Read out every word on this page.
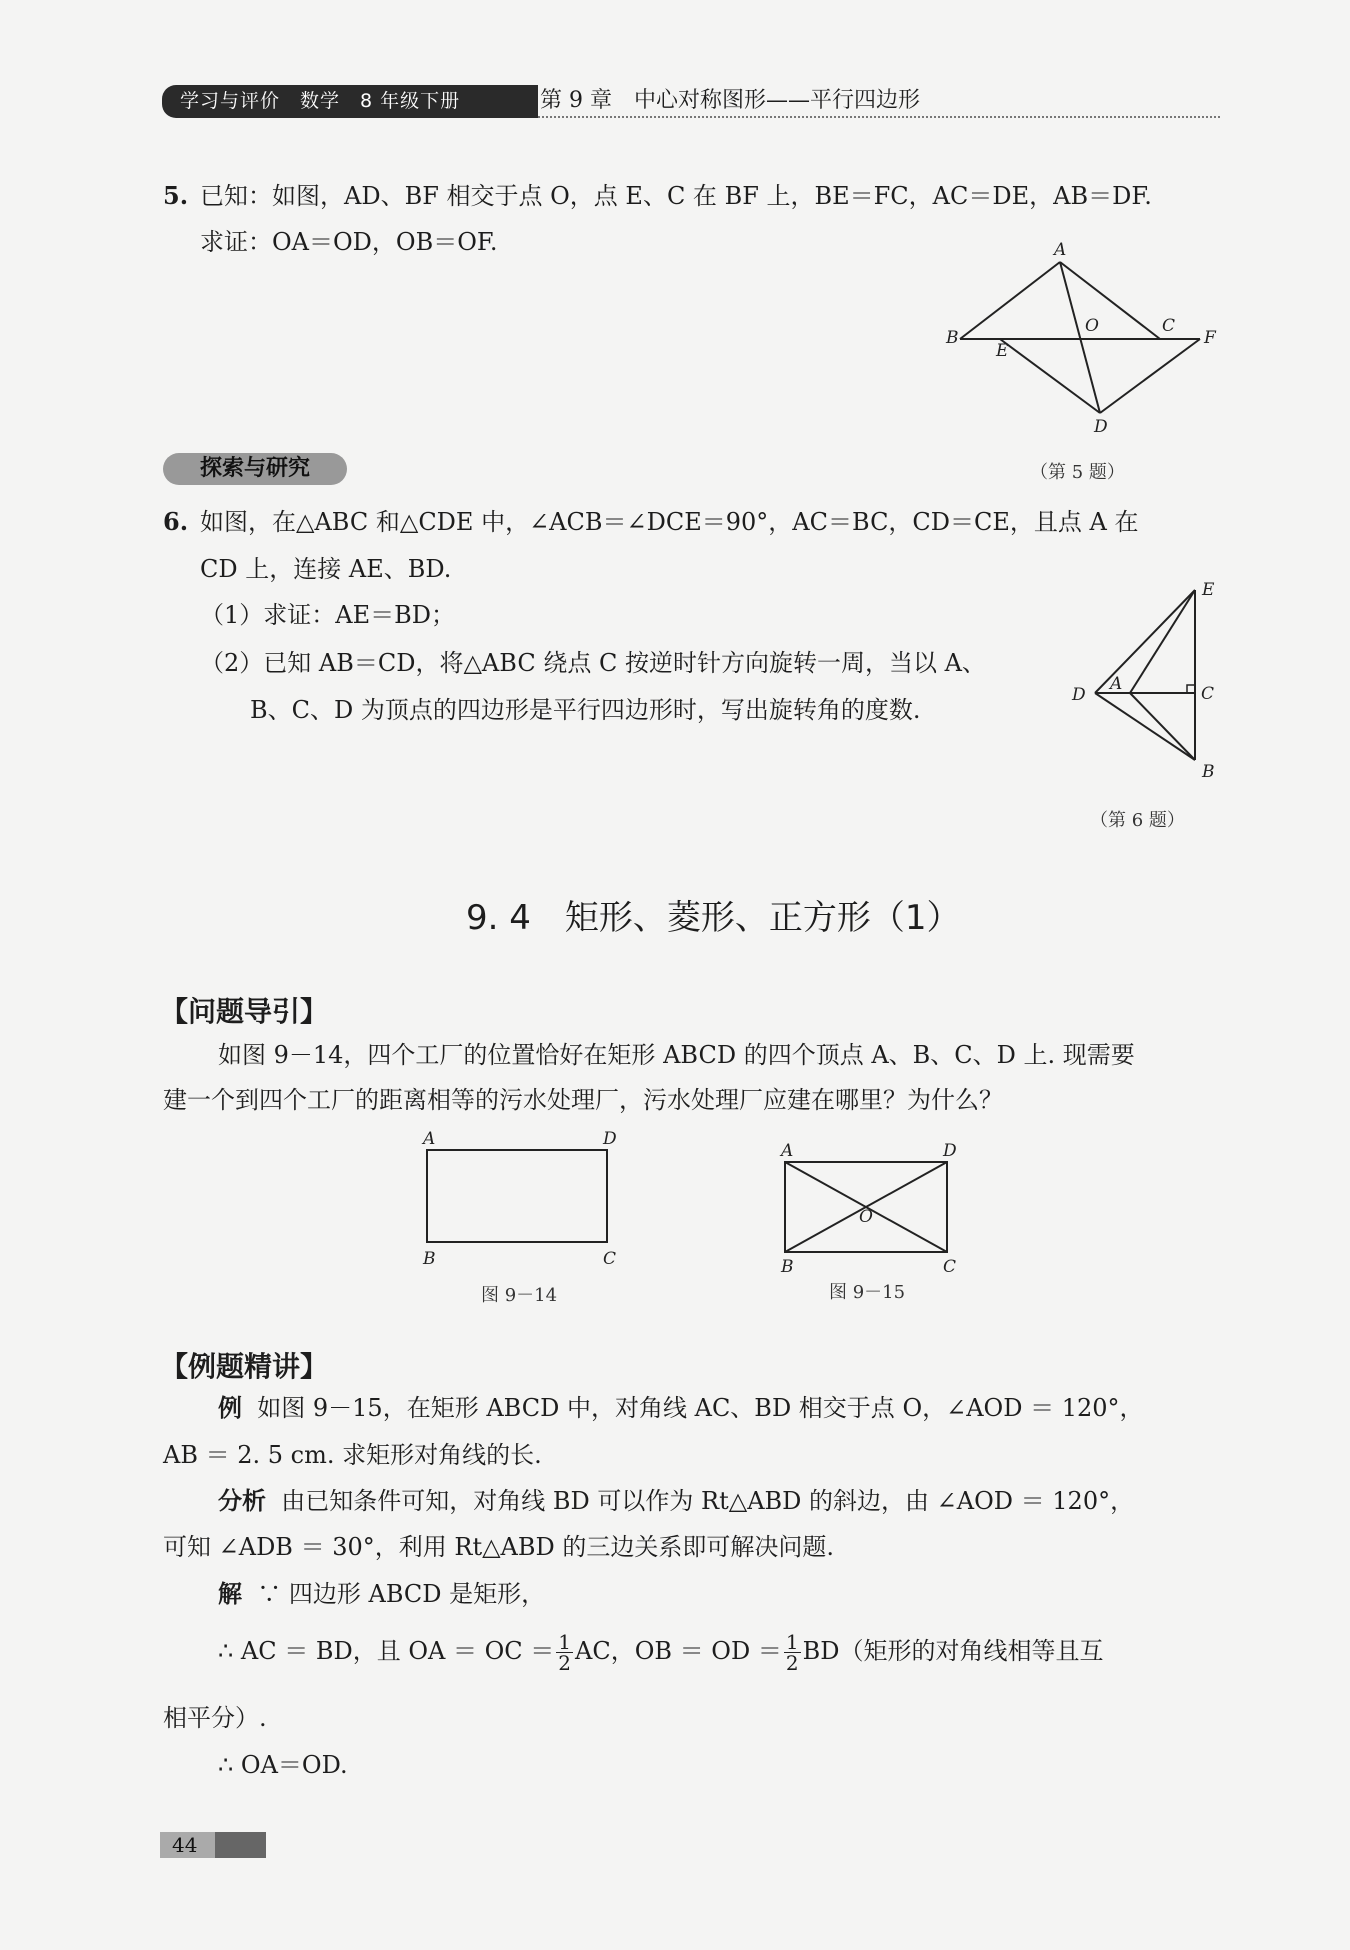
学习与评价　数学　8 年级下册	第 9 章　中心对称图形——平行四边形
5. 已知：如图，AD、BF 相交于点 O，点 E、C 在 BF 上，BE＝FC，AC＝DE，AB＝DF.
求证：OA＝OD，OB＝OF.	A
B
E
O	C
F
D
（第 5 题）
探索与研究
6. 如图，在△ABC 和△CDE 中，∠ACB＝∠DCE＝90°，AC＝BC，CD＝CE，且点 A 在
CD 上，连接 AE、BD.
（1）求证：AE＝BD；
（2）已知 AB＝CD，将△ABC 绕点 C 按逆时针方向旋转一周，当以 A、
B、C、D 为顶点的四边形是平行四边形时，写出旋转角的度数.
E
D
A	C
B
（第 6 题）
9. 4　矩形、菱形、正方形（1）
【问题导引】
如图 9－14，四个工厂的位置恰好在矩形 ABCD 的四个顶点 A、B、C、D 上. 现需要
建一个到四个工厂的距离相等的污水处理厂，污水处理厂应建在哪里？为什么？
A	D
B	C
图 9－14
A	D
O
B	C
图 9－15
【例题精讲】
例 如图 9－15，在矩形 ABCD 中，对角线 AC、BD 相交于点 O，∠AOD ＝ 120°，
AB ＝ 2. 5 cm. 求矩形对角线的长.
分析 由已知条件可知，对角线 BD 可以作为 Rt△ABD 的斜边，由 ∠AOD ＝ 120°，
可知 ∠ADB ＝ 30°，利用 Rt△ABD 的三边关系即可解决问题.
解 ∵ 四边形 ABCD 是矩形，
∴ AC ＝ BD，且 OA ＝ OC ＝ $\frac{1}{2}$ AC，OB ＝ OD ＝ $\frac{1}{2} BD$（矩形的对角线相等且互
相平分）.
∴ OA＝OD.
44
